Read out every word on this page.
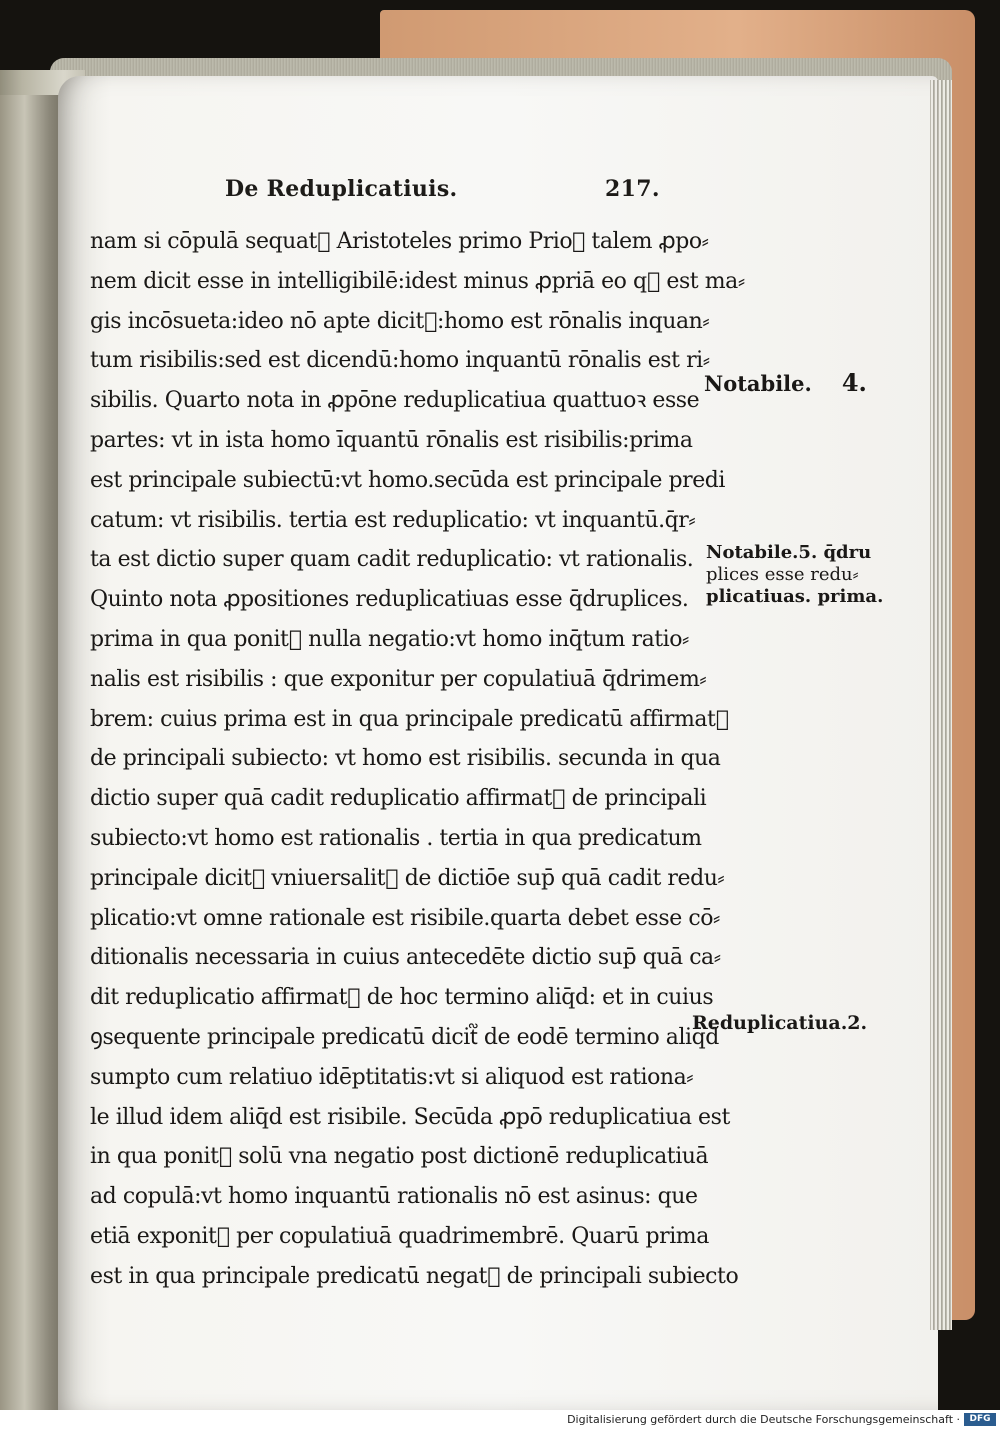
De Reduplicatiuis.	217.
nam si cōpulā sequat᷑ Aristoteles primo Prioꝝ talem ꝓpo⸗
nem dicit esse in intelligibilē:idest minus ꝓpriā eo q᷑ est ma⸗
gis incōsueta:ideo nō apte dicit᷑:homo est rōnalis inquan⸗
tum risibilis:sed est dicendū:homo inquantū rōnalis est ri⸗
sibilis. Quarto nota in ꝓpōne reduplicatiua quattuoꝛ esse
partes: vt in ista homo īquantū rōnalis est risibilis:prima
est principale subiectū:vt homo.secūda est principale predi
catum: vt risibilis. tertia est reduplicatio: vt inquantū.q̄r⸗
ta est dictio super quam cadit reduplicatio: vt rationalis.
Quinto nota ꝓpositiones reduplicatiuas esse q̄druplices.
prima in qua ponit᷑ nulla negatio:vt homo inq̄tum ratio⸗
nalis est risibilis : que exponitur per copulatiuā q̄drimem⸗
brem: cuius prima est in qua principale predicatū affirmat᷑
de principali subiecto: vt homo est risibilis. secunda in qua
dictio super quā cadit reduplicatio affirmat᷑ de principali
subiecto:vt homo est rationalis . tertia in qua predicatum
principale dicit᷑ vniuersalit᷑ de dictiōe sup̄ quā cadit redu⸗
plicatio:vt omne rationale est risibile.quarta debet esse cō⸗
ditionalis necessaria in cuius antecedēte dictio sup̄ quā ca⸗
dit reduplicatio affirmat᷑ de hoc termino aliq̄d: et in cuius
ꝯsequente principale predicatū dicit᷑ de eodē termino aliq̄d
sumpto cum relatiuo idēptitatis:vt si aliquod est rationa⸗
le illud idem aliq̄d est risibile. Secūda ꝓpō reduplicatiua est
in qua ponit᷑ solū vna negatio post dictionē reduplicatiuā
ad copulā:vt homo inquantū rationalis nō est asinus: que
etiā exponit᷑ per copulatiuā quadrimembrē. Quarū prima
est in qua principale predicatū negat᷑ de principali subiecto
Notabile. 4.
Notabile.5. q̄dru
plices esse redu⸗
plicatiuas. prima.
Reduplicatiua.2.
Digitalisierung gefördert durch die Deutsche Forschungsgemeinschaft ·	DFG
